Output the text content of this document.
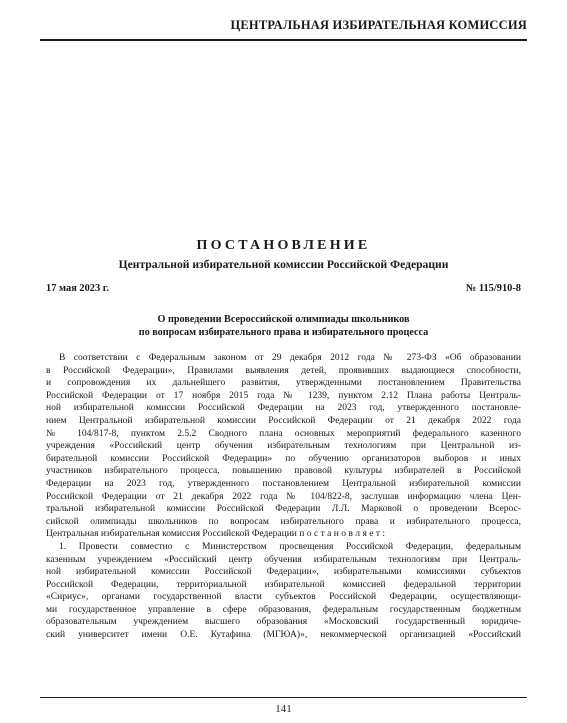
ЦЕНТРАЛЬНАЯ ИЗБИРАТЕЛЬНАЯ КОМИССИЯ
ПОСТАНОВЛЕНИЕ
Центральной избирательной комиссии Российской Федерации
17 мая 2023 г.	№ 115/910-8
О проведении Всероссийской олимпиады школьников
по вопросам избирательного права и избирательного процесса
В соответствии с Федеральным законом от 29 декабря 2012 года № 273-ФЗ «Об образовании
в Российской Федерации», Правилами выявления детей, проявивших выдающиеся способности,
и сопровождения их дальнейшего развития, утвержденными постановлением Правительства
Российской Федерации от 17 ноября 2015 года № 1239, пунктом 2.12 Плана работы Централь-
ной избирательной комиссии Российской Федерации на 2023 год, утвержденного постановле-
нием Центральной избирательной комиссии Российской Федерации от 21 декабря 2022 года
№ 104/817-8, пунктом 2.5.2 Сводного плана основных мероприятий федерального казенного
учреждения «Российский центр обучения избирательным технологиям при Центральной из-
бирательной комиссии Российской Федерации» по обучению организаторов выборов и иных
участников избирательного процесса, повышению правовой культуры избирателей в Российской
Федерации на 2023 год, утвержденного постановлением Центральной избирательной комиссии
Российской Федерации от 21 декабря 2022 года № 104/822-8, заслушав информацию члена Цен-
тральной избирательной комиссии Российской Федерации Л.Л. Марковой о проведении Всерос-
сийской олимпиады школьников по вопросам избирательного права и избирательного процесса,
Центральная избирательная комиссия Российской Федерации п о с т а н о в л я е т :
1. Провести совместно с Министерством просвещения Российской Федерации, федеральным
казенным учреждением «Российский центр обучения избирательным технологиям при Централь-
ной избирательной комиссии Российской Федерации», избирательными комиссиями субъектов
Российской Федерации, территориальной избирательной комиссией федеральной территории
«Сириус», органами государственной власти субъектов Российской Федерации, осуществляющи-
ми государственное управление в сфере образования, федеральным государственным бюджетным
образовательным учреждением высшего образования «Московский государственный юридиче-
ский университет имени О.Е. Кутафина (МГЮА)», некоммерческой организацией «Российский
141
